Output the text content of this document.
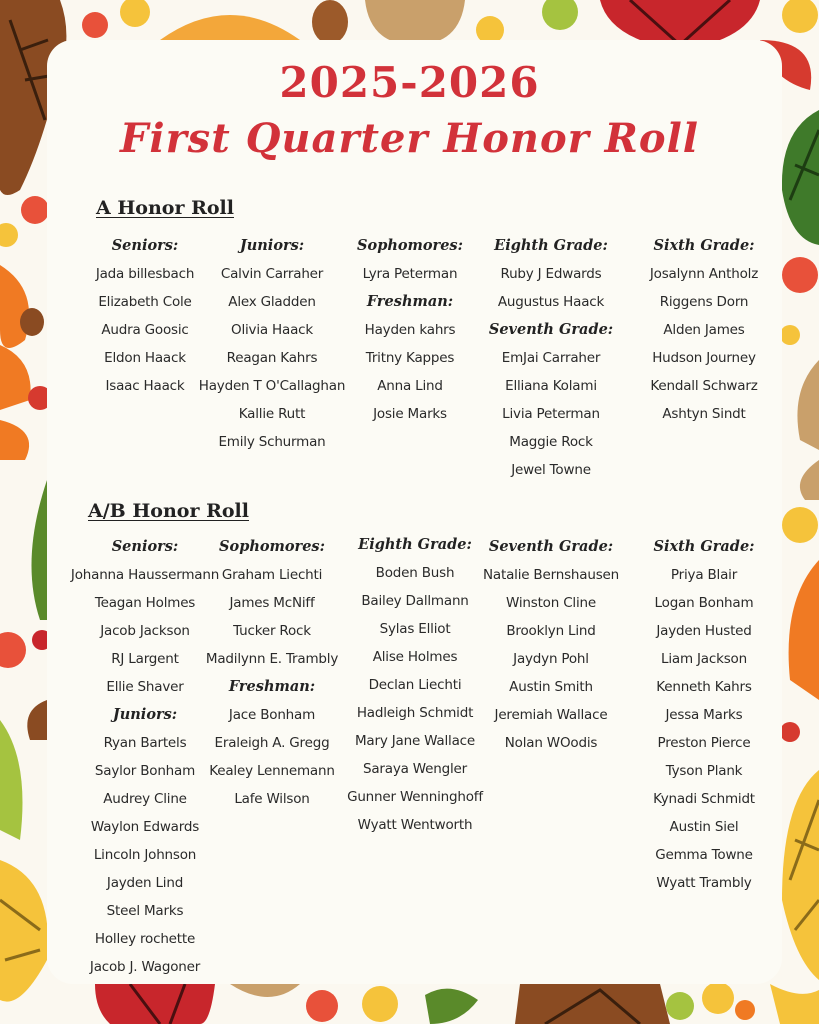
2025-2026
First Quarter Honor Roll
A Honor Roll
A/B Honor Roll
Seniors:
Jada billesbach
Elizabeth Cole
Audra Goosic
Eldon Haack
Isaac Haack
Juniors:
Calvin Carraher
Alex Gladden
Olivia Haack
Reagan Kahrs
Hayden T O'Callaghan
Kallie Rutt
Emily Schurman
Sophomores:
Lyra Peterman
Freshman:
Hayden kahrs
Tritny Kappes
Anna Lind
Josie Marks
Eighth Grade:
Ruby J Edwards
Augustus Haack
Seventh Grade:
EmJai Carraher
Elliana Kolami
Livia Peterman
Maggie Rock
Jewel Towne
Sixth Grade:
Josalynn Antholz
Riggens Dorn
Alden James
Hudson Journey
Kendall Schwarz
Ashtyn Sindt
Seniors:
Johanna Haussermann
Teagan Holmes
Jacob Jackson
RJ Largent
Ellie Shaver
Juniors:
Ryan Bartels
Saylor Bonham
Audrey Cline
Waylon Edwards
Lincoln Johnson
Jayden Lind
Steel Marks
Holley rochette
Jacob J. Wagoner
Sophomores:
Graham Liechti
James McNiff
Tucker Rock
Madilynn E. Trambly
Freshman:
Jace Bonham
Eraleigh A. Gregg
Kealey Lennemann
Lafe Wilson
Eighth Grade:
Boden Bush
Bailey Dallmann
Sylas Elliot
Alise Holmes
Declan Liechti
Hadleigh Schmidt
Mary Jane Wallace
Saraya Wengler
Gunner Wenninghoff
Wyatt Wentworth
Seventh Grade:
Natalie Bernshausen
Winston Cline
Brooklyn Lind
Jaydyn Pohl
Austin Smith
Jeremiah Wallace
Nolan WOodis
Sixth Grade:
Priya Blair
Logan Bonham
Jayden Husted
Liam Jackson
Kenneth Kahrs
Jessa Marks
Preston Pierce
Tyson Plank
Kynadi Schmidt
Austin Siel
Gemma Towne
Wyatt Trambly
